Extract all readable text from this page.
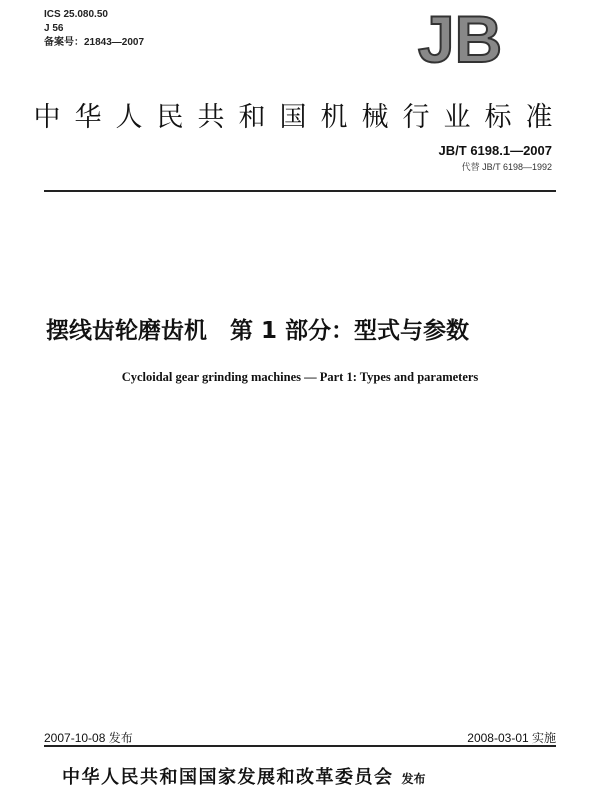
ICS 25.080.50
J 56
备案号：21843—2007	JB
中华人民共和国机械行业标准
JB/T 6198.1—2007
代替 JB/T 6198—1992
摆线齿轮磨齿机　第 1 部分：型式与参数
Cycloidal gear grinding machines — Part 1: Types and parameters
2007-10-08 发布	2008-03-01 实施
中华人民共和国国家发展和改革委员会 发布
